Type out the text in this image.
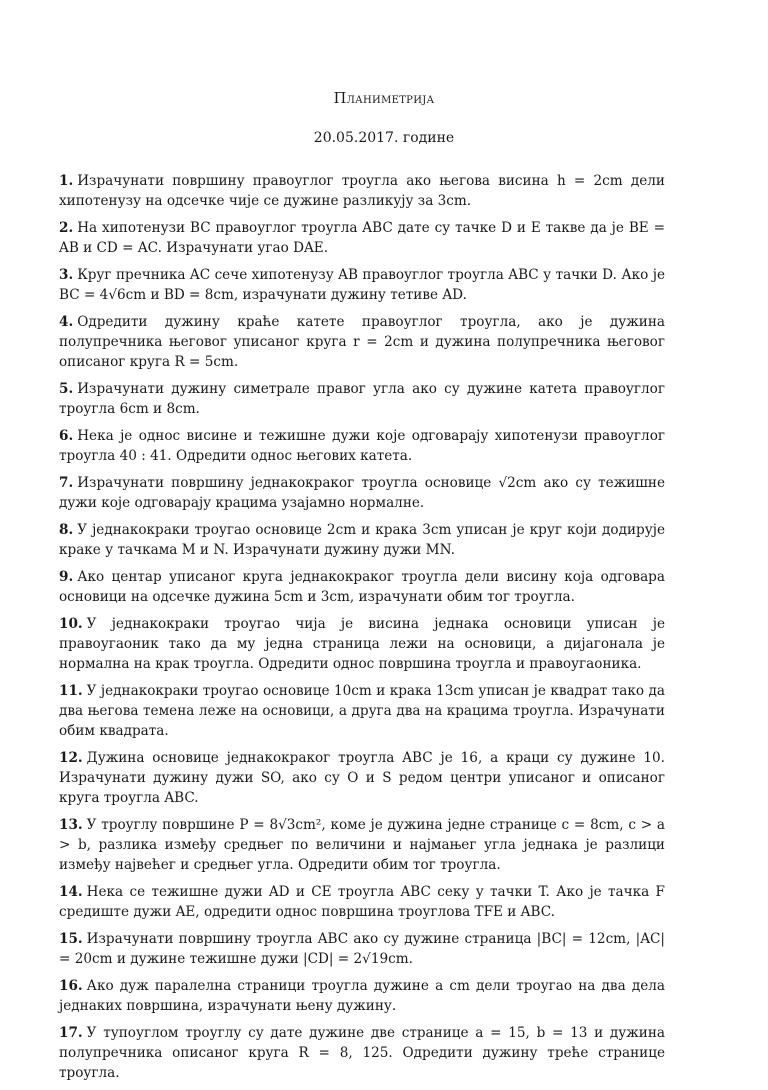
Планиметрија
20.05.2017. године

1. Израчунати површину правоуглог троугла ако његова висина h = 2cm дели хипотенузу на одсечке чије се дужине разликују за 3cm.

2. На хипотенузи BC правоуглог троугла ABC дате су тачке D и E такве да је BE = AB и CD = AC. Израчунати угао DAE.

3. Круг пречника AC сече хипотенузу AB правоуглог троугла ABC у тачки D. Ако је BC = 4√6cm и BD = 8cm, израчунати дужину тетиве AD.

4. Одредити дужину краће катете правоуглог троугла, ако је дужина полупречника његовог уписаног круга r = 2cm и дужина полупречника његовог описаног круга R = 5cm.

5. Израчунати дужину симетрале правог угла ако су дужине катета правоуглог троугла 6cm и 8cm.

6. Нека је однос висине и тежишне дужи које одговарају хипотенузи правоуглог троугла 40 : 41. Одредити однос његових катета.

7. Израчунати површину једнакокраког троугла основице √2cm ако су тежишне дужи које одговарају крацима узајамно нормалне.

8. У једнакокраки троугао основице 2cm и крака 3cm уписан је круг који додирује краке у тачкама M и N. Израчунати дужину дужи MN.

9. Ако центар уписаног круга једнакокраког троугла дели висину која одговара основици на одсечке дужина 5cm и 3cm, израчунати обим тог троугла.

10. У једнакокраки троугао чија је висина једнака основици уписан је правоугаоник тако да му једна страница лежи на основици, а дијагонала је нормална на крак троугла. Одредити однос површина троугла и правоугаоника.

11. У једнакокраки троугао основице 10cm и крака 13cm уписан је квадрат тако да два његова темена леже на основици, а друга два на крацима троугла. Израчунати обим квадрата.

12. Дужина основице једнакокраког троугла ABC је 16, а краци су дужине 10. Израчунати дужину дужи SO, ако су O и S редом центри уписаног и описаног круга троугла ABC.

13. У троуглу површине P = 8√3cm², коме је дужина једне странице c = 8cm, c > a > b, разлика између средњег по величини и најмањег угла једнака је разлици између највећег и средњег угла. Одредити обим тог троугла.

14. Нека се тежишне дужи AD и CE троугла ABC секу у тачки T. Ако је тачка F средиште дужи AE, одредити однос површина троуглова TFE и ABC.

15. Израчунати површину троугла ABC ако су дужине страница |BC| = 12cm, |AC| = 20cm и дужине тежишне дужи |CD| = 2√19cm.

16. Ако дуж паралелна страници троугла дужине a cm дели троугао на два дела једнаких површина, израчунати њену дужину.

17. У тупоуглом троуглу су дате дужине две странице a = 15, b = 13 и дужина полупречника описаног круга R = 8, 125. Одредити дужину треће странице троугла.
